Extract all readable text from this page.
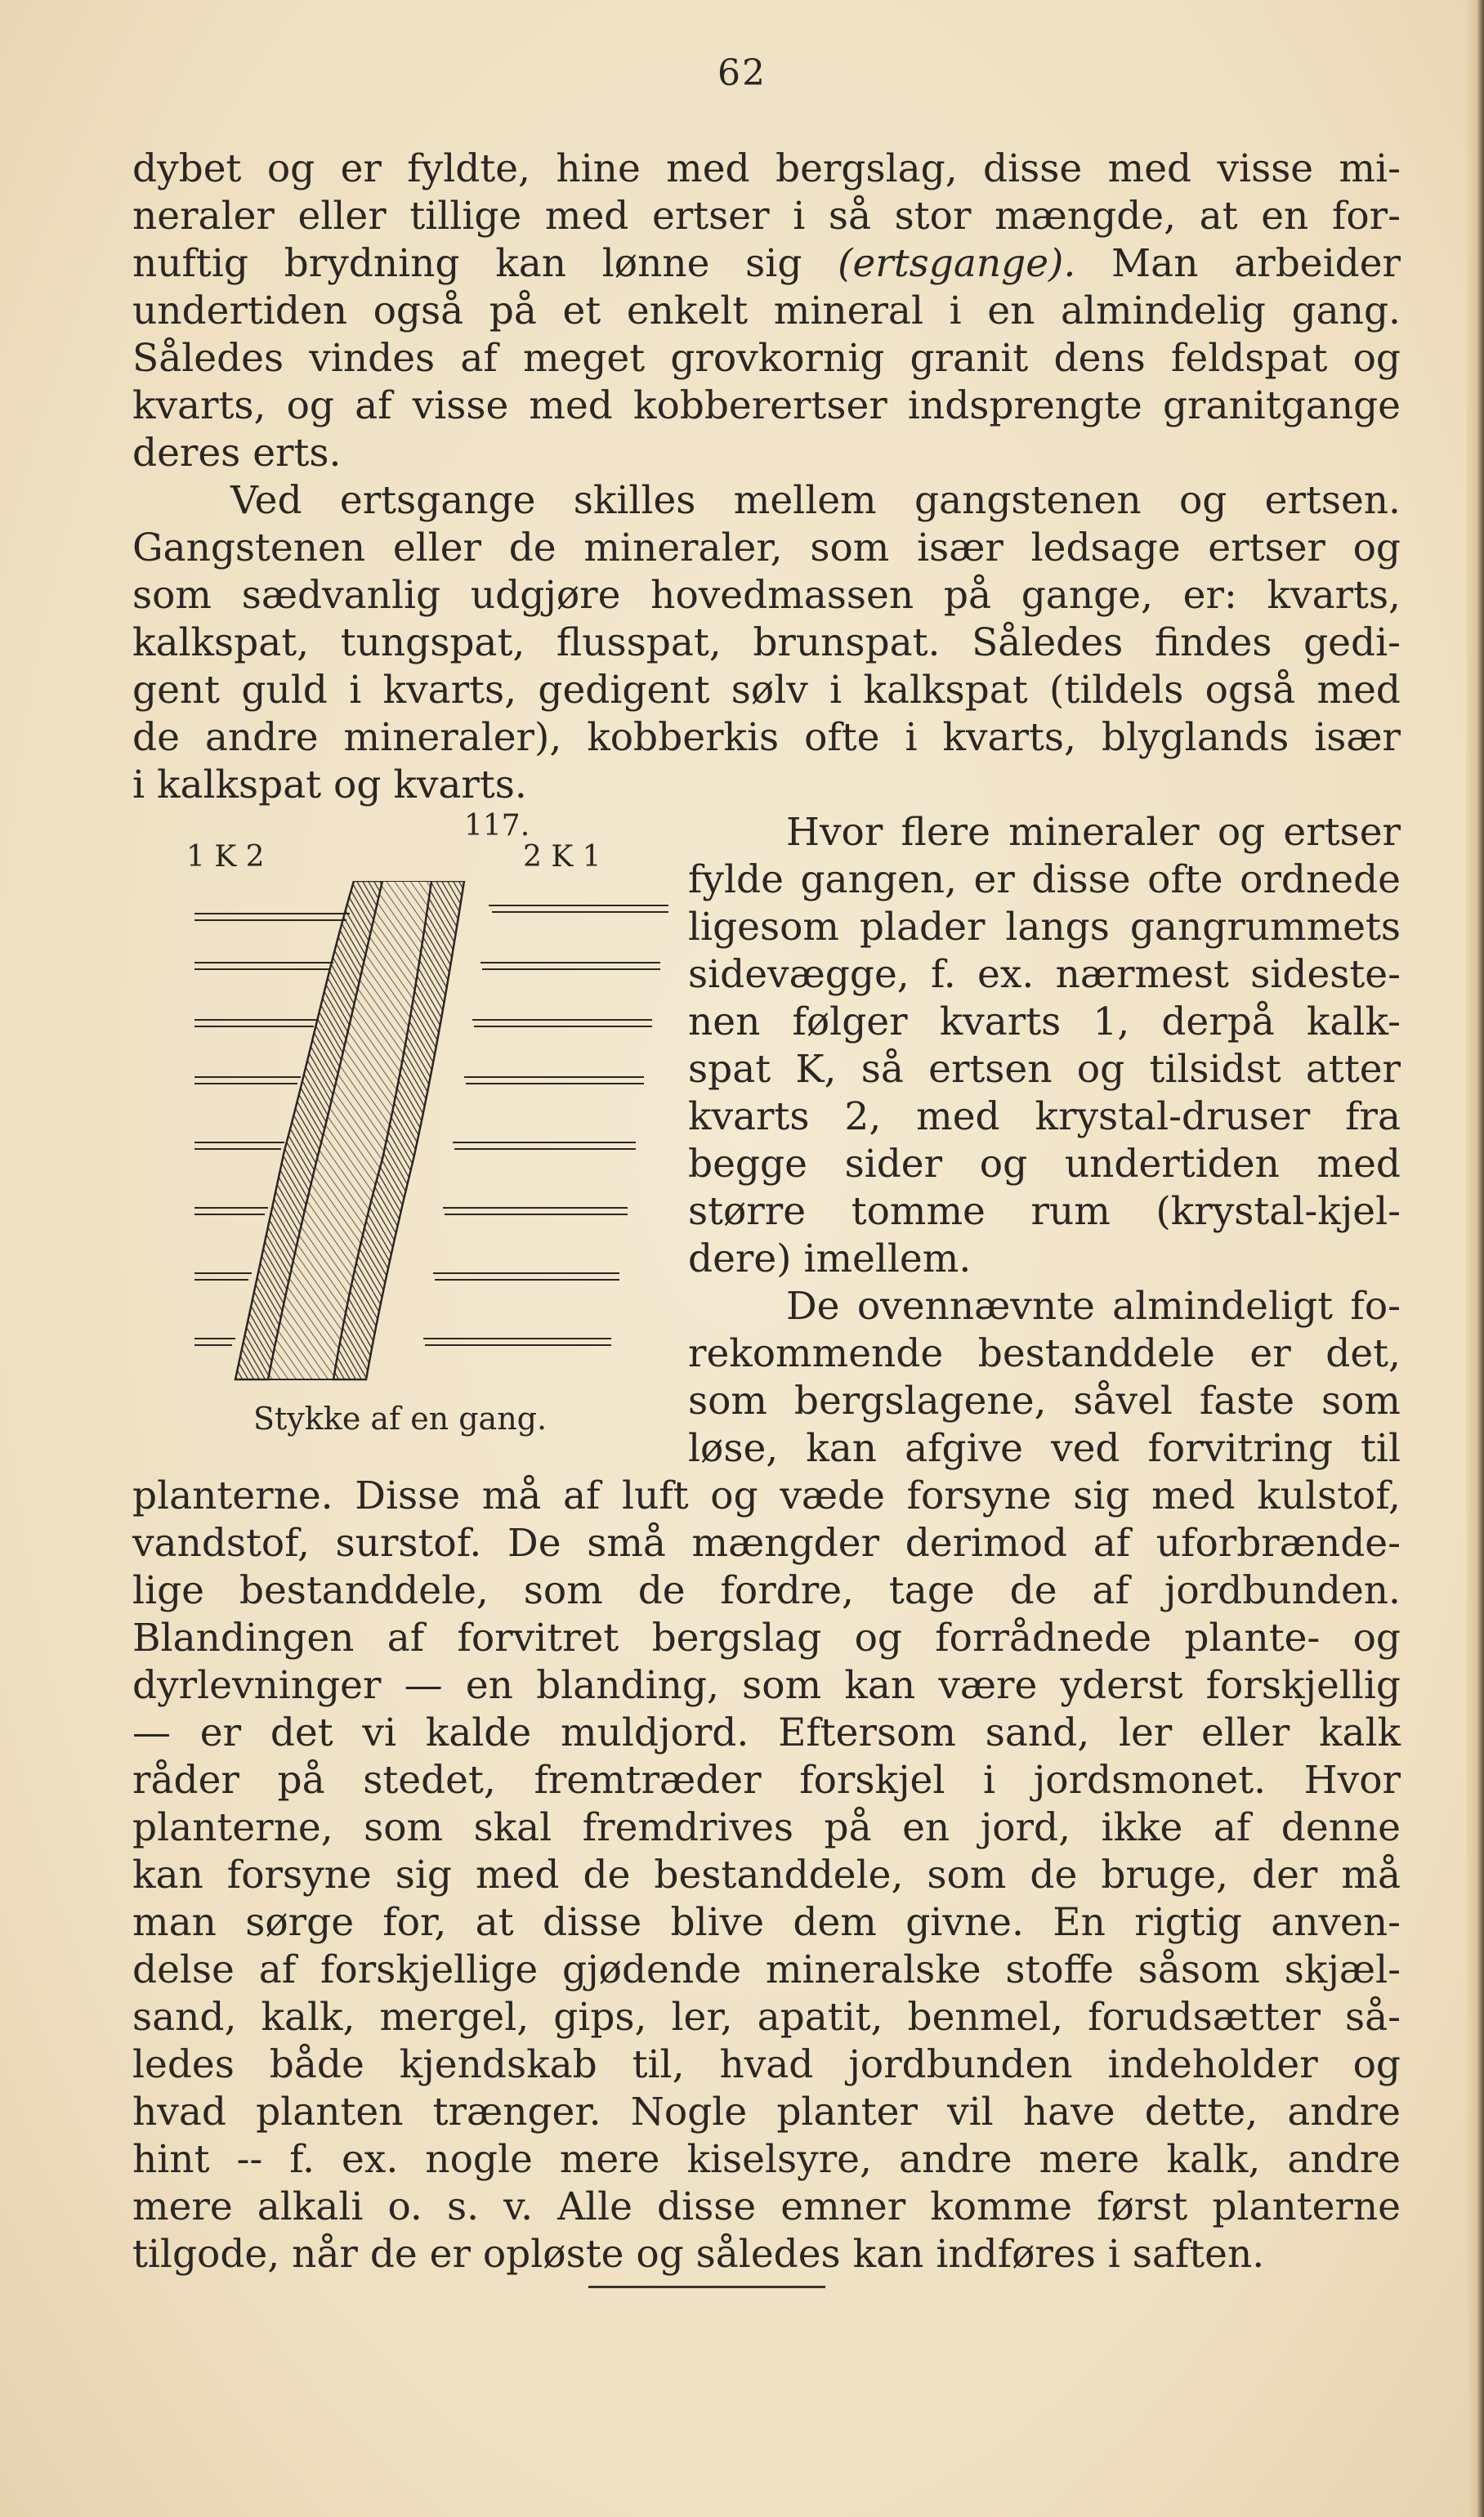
62
dybet og er fyldte, hine med bergslag, disse med visse mi-
neraler eller tillige med ertser i så stor mængde, at en for-
nuftig brydning kan lønne sig (ertsgange). Man arbeider
undertiden også på et enkelt mineral i en almindelig gang.
Således vindes af meget grovkornig granit dens feldspat og
kvarts, og af visse med kobberertser indsprengte granitgange
deres erts.
Ved ertsgange skilles mellem gangstenen og ertsen.
Gangstenen eller de mineraler, som især ledsage ertser og
som sædvanlig udgjøre hovedmassen på gange, er: kvarts,
kalkspat, tungspat, flusspat, brunspat. Således findes gedi-
gent guld i kvarts, gedigent sølv i kalkspat (tildels også med
de andre mineraler), kobberkis ofte i kvarts, blyglands især
i kalkspat og kvarts.
117.
1 K 2	2 K 1
Stykke af en gang.
Hvor flere mineraler og ertser
fylde gangen, er disse ofte ordnede
ligesom plader langs gangrummets
sidevægge, f. ex. nærmest sideste-
nen følger kvarts 1, derpå kalk-
spat K, så ertsen og tilsidst atter
kvarts 2, med krystal-druser fra
begge sider og undertiden med
større tomme rum (krystal-kjel-
dere) imellem.
De ovennævnte almindeligt fo-
rekommende bestanddele er det,
som bergslagene, såvel faste som
løse, kan afgive ved forvitring til
planterne. Disse må af luft og væde forsyne sig med kulstof,
vandstof, surstof. De små mængder derimod af uforbrænde-
lige bestanddele, som de fordre, tage de af jordbunden.
Blandingen af forvitret bergslag og forrådnede plante- og
dyrlevninger — en blanding, som kan være yderst forskjellig
— er det vi kalde muldjord. Eftersom sand, ler eller kalk
råder på stedet, fremtræder forskjel i jordsmonet. Hvor
planterne, som skal fremdrives på en jord, ikke af denne
kan forsyne sig med de bestanddele, som de bruge, der må
man sørge for, at disse blive dem givne. En rigtig anven-
delse af forskjellige gjødende mineralske stoffe såsom skjæl-
sand, kalk, mergel, gips, ler, apatit, benmel, forudsætter så-
ledes både kjendskab til, hvad jordbunden indeholder og
hvad planten trænger. Nogle planter vil have dette, andre
hint -- f. ex. nogle mere kiselsyre, andre mere kalk, andre
mere alkali o. s. v. Alle disse emner komme først planterne
tilgode, når de er opløste og således kan indføres i saften.
